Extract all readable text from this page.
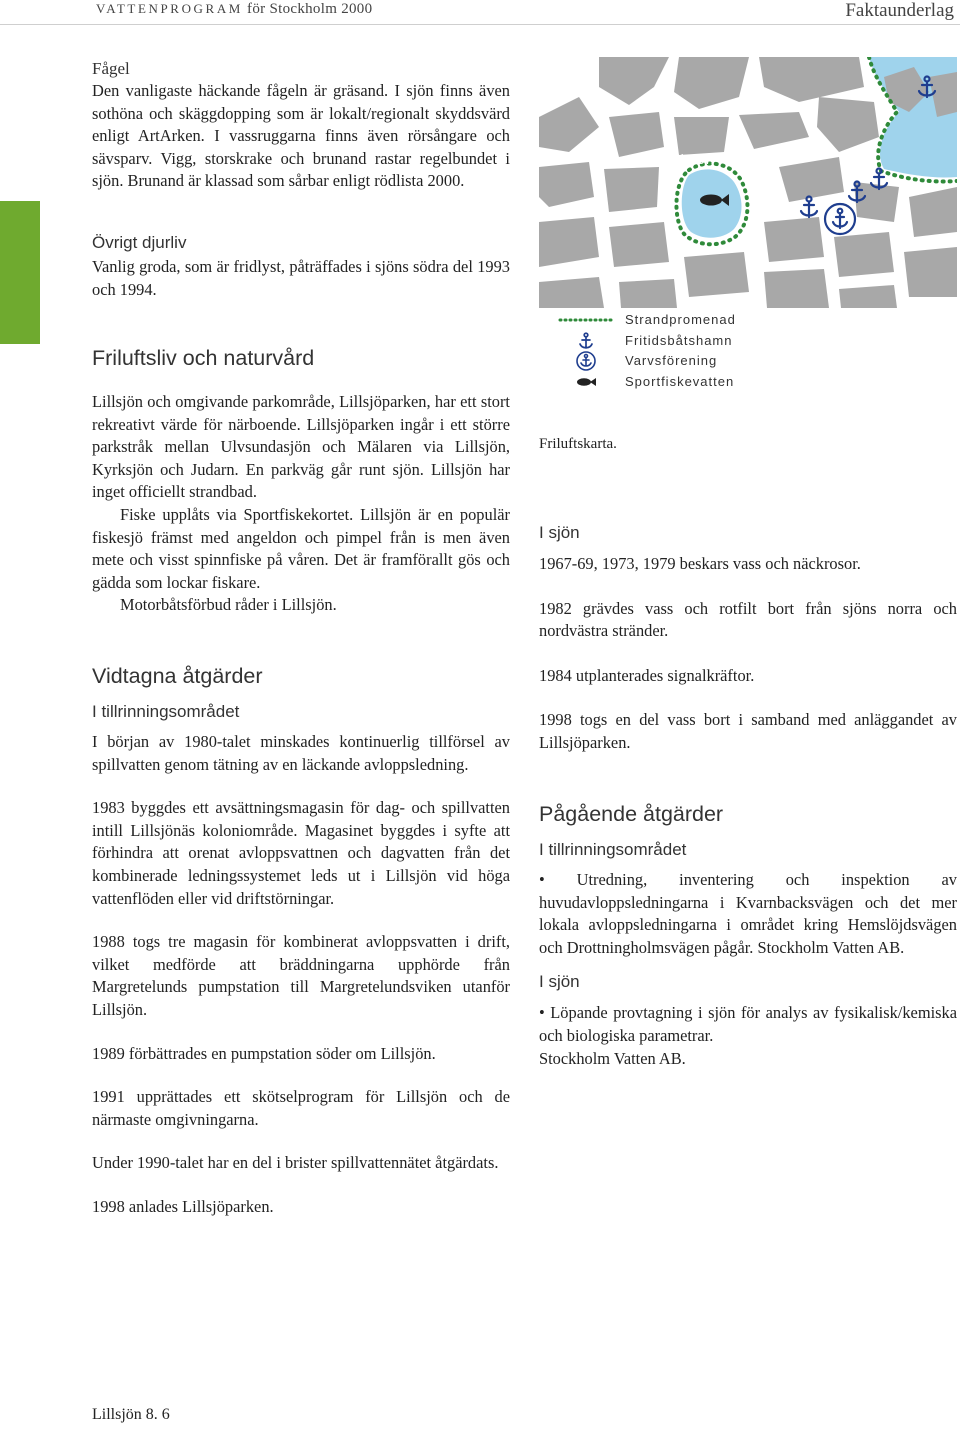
VATTENPROGRAM för Stockholm 2000	Faktaunderlag
Fågel

Den vanligaste häckande fågeln är gräsand. I sjön finns även sothöna och skäggdopping som är lokalt/regionalt skyddsvärd enligt ArtArken. I vassruggarna finns även rörsångare och sävsparv. Vigg, storskrake och brunand rastar regelbundet i sjön. Brunand är klassad som sårbar enligt rödlista 2000.

Övrigt djurliv

Vanlig groda, som är fridlyst, påträffades i sjöns södra del 1993 och 1994.

Friluftsliv och naturvård

Lillsjön och omgivande parkområde, Lillsjöparken, har ett stort rekreativt värde för närboende. Lillsjöparken ingår i ett större parkstråk mellan Ulvsundasjön och Mälaren via Lillsjön, Kyrksjön och Judarn. En parkväg går runt sjön. Lillsjön har inget officiellt strandbad.

Fiske upplåts via Sportfiskekortet. Lillsjön är en populär fiskesjö främst med angeldon och pimpel från is men även mete och visst spinnfiske på våren. Det är framförallt gös och gädda som lockar fiskare.

Motorbåtsförbud råder i Lillsjön.

Vidtagna åtgärder
I tillrinningsområdet

I början av 1980-talet minskades kontinuerlig tillförsel av spillvatten genom tätning av en läckande avloppsledning.

1983 byggdes ett avsättningsmagasin för dag- och spillvatten intill Lillsjönäs koloniområde. Magasinet byggdes i syfte att förhindra att orenat avloppsvattnen och dagvatten från det kombinerade ledningssystemet leds ut i Lillsjön vid höga vattenflöden eller vid driftstörningar.

1988 togs tre magasin för kombinerat avloppsvatten i drift, vilket medförde att bräddningarna upphörde från Margretelunds pumpstation till Margretelundsviken utanför Lillsjön.

1989 förbättrades en pumpstation söder om Lillsjön.

1991 upprättades ett skötselprogram för Lillsjön och de närmaste omgivningarna.

Under 1990-talet har en del i brister spillvattennätet åtgärdats.

1998 anlades Lillsjöparken.

Lillsjön
Strandpromenad
Fritidsbåtshamn
Varvsförening
Sportfiskevatten

Friluftskarta.

I sjön

1967-69, 1973, 1979 beskars vass och näckrosor.

1982 grävdes vass och rotfilt bort från sjöns norra och nordvästra stränder.

1984 utplanterades signalkräftor.

1998 togs en del vass bort i samband med anläggandet av Lillsjöparken.

Pågående åtgärder
I tillrinningsområdet

• Utredning, inventering och inspektion av huvudavloppsledningarna i Kvarnbacksvägen och det mer lokala avloppsledningarna i området kring Hemslöjdsvägen och Drottningholmsvägen pågår. Stockholm Vatten AB.

I sjön

• Löpande provtagning i sjön för analys av fysikalisk/kemiska och biologiska parametrar.

Stockholm Vatten AB.

Lillsjön 8. 6
